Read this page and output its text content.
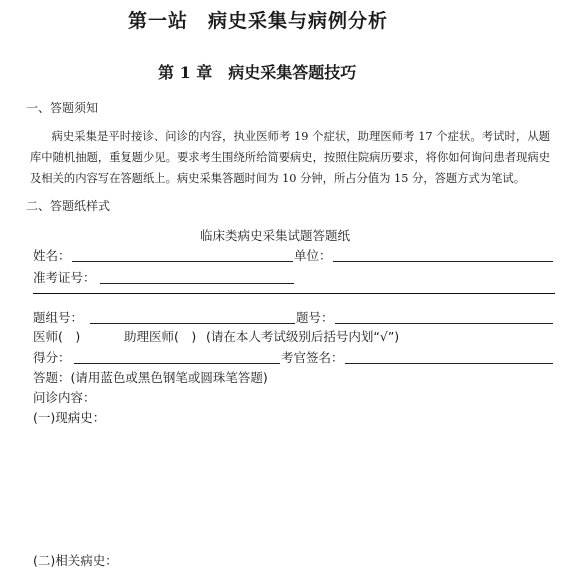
第一站　病史采集与病例分析
第 1 章　病史采集答题技巧
一、答题须知
病史采集是平时接诊、问诊的内容，执业医师考 19 个症状，助理医师考 17 个症状。考试时，从题库中随机抽题，重复题少见。要求考生围绕所给简要病史，按照住院病历要求，将你如何询问患者现病史及相关的内容写在答题纸上。病史采集答题时间为 10 分钟，所占分值为 15 分，答题方式为笔试。
二、答题纸样式
临床类病史采集试题答题纸
姓名：	单位：
准考证号：
题组号：	题号：
医师(　)	助理医师(　) (请在本人考试级别后括号内划“√”)
得分：	考官签名：
答题：(请用蓝色或黑色钢笔或圆珠笔答题)
问诊内容：
(一)现病史：
(二)相关病史：
